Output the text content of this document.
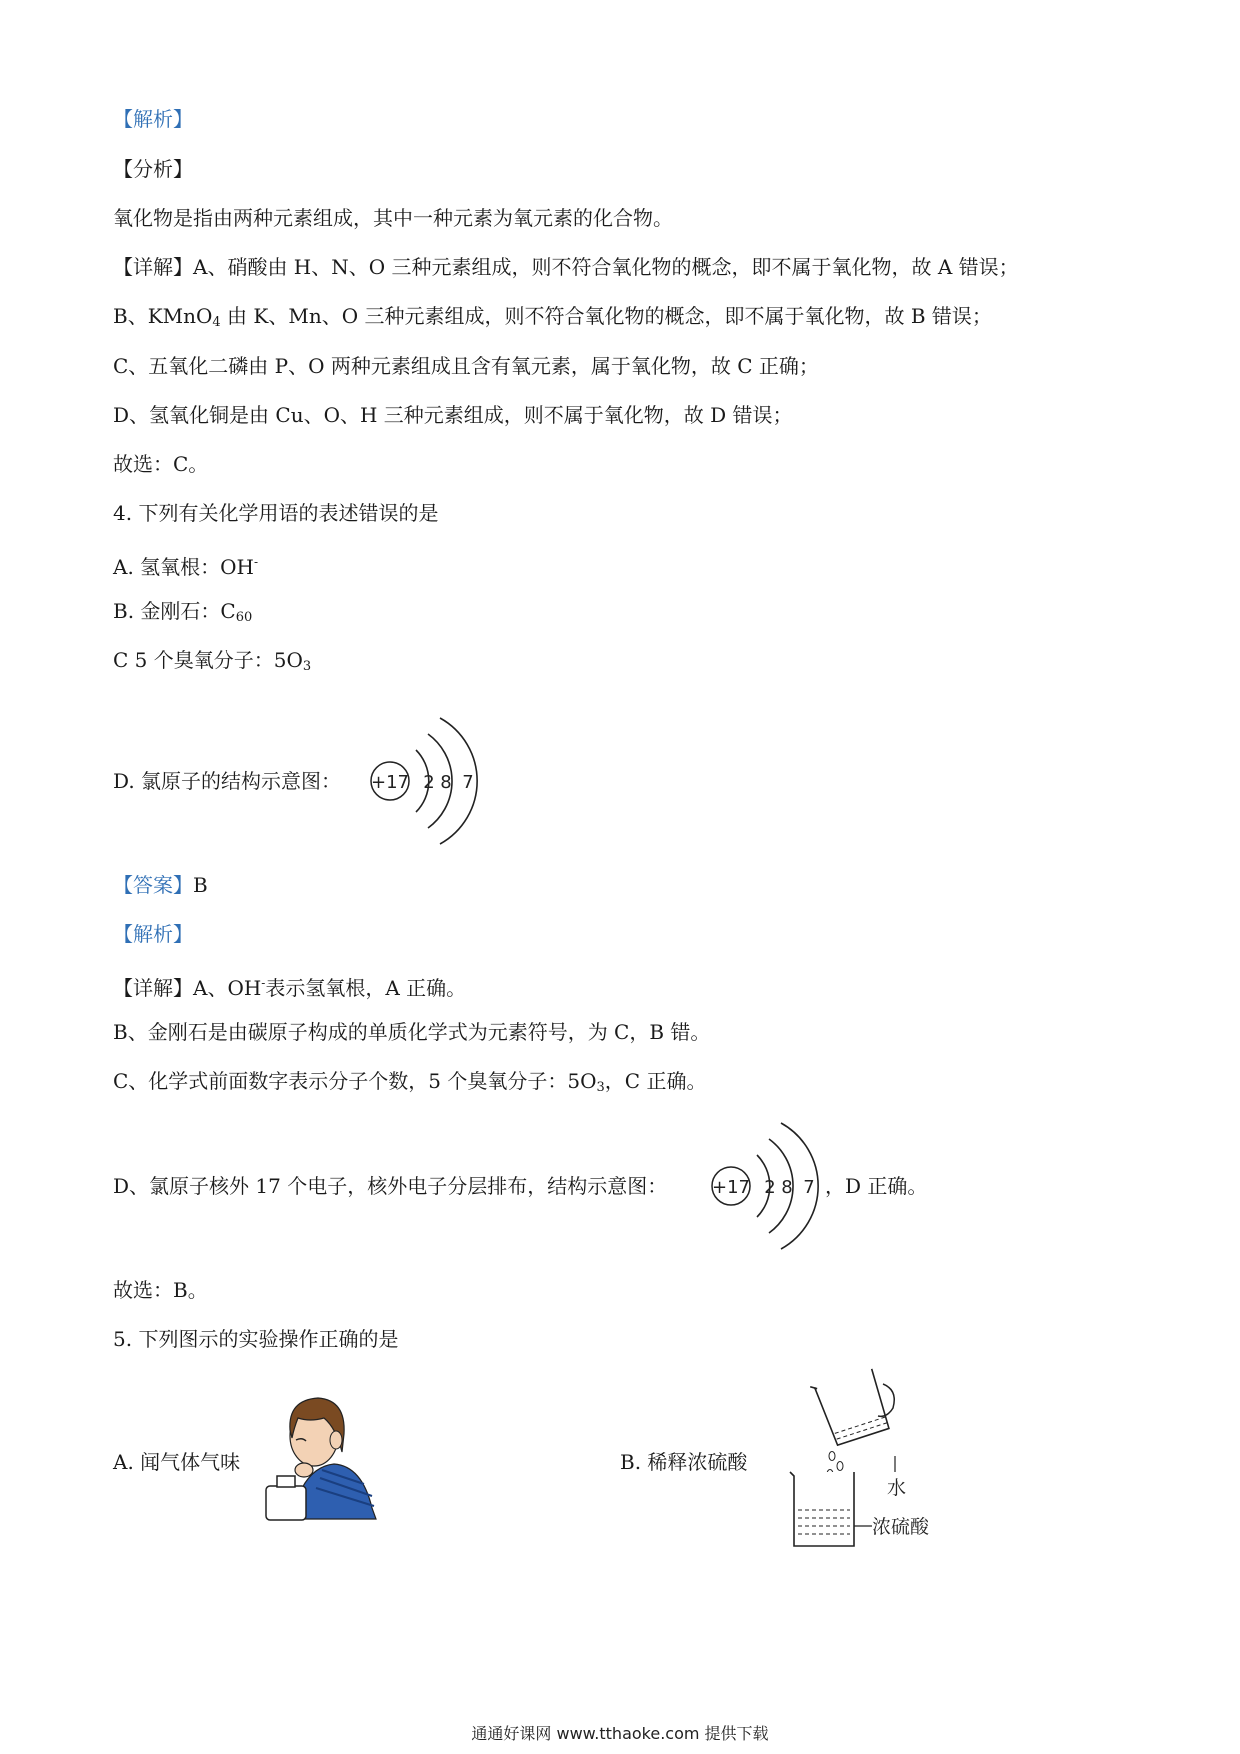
【解析】
【分析】
氧化物是指由两种元素组成，其中一种元素为氧元素的化合物。
【详解】A、硝酸由 H、N、O 三种元素组成，则不符合氧化物的概念，即不属于氧化物，故 A 错误；
B、KMnO$_4$ 由 K、Mn、O 三种元素组成，则不符合氧化物的概念，即不属于氧化物，故 B 错误；
C、五氧化二磷由 P、O 两种元素组成且含有氧元素，属于氧化物，故 C 正确；
D、氢氧化铜是由 Cu、O、H 三种元素组成，则不属于氧化物，故 D 错误；
故选：C。
4. 下列有关化学用语的表述错误的是
A. 氢氧根：OH-
B. 金刚石：$C_{60}$
C 5 个臭氧分子：$5O_3$
D. 氯原子的结构示意图： +17 2 8 7
【答案】B
【解析】
【详解】A、OH-表示氢氧根，A 正确。
B、金刚石是由碳原子构成的单质化学式为元素符号，为 C，B 错。
C、化学式前面数字表示分子个数，5 个臭氧分子：$5O_3$，C 正确。
D、氯原子核外 17 个电子，核外电子分层排布，结构示意图： +17 2 8 7 ，D 正确。
故选：B。
5. 下列图示的实验操作正确的是
A. 闻气体气味	B. 稀释浓硫酸
水
浓硫酸
通通好课网 www.tthaoke.com 提供下载
